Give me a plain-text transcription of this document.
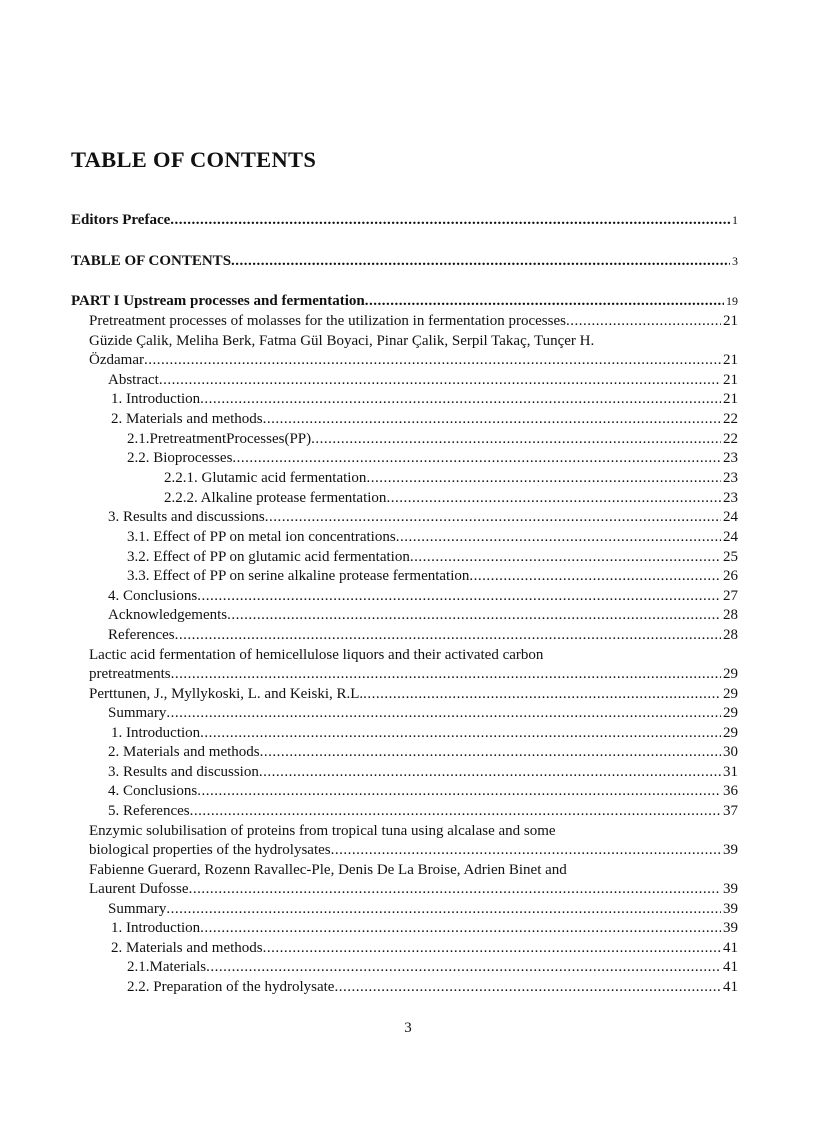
TABLE OF CONTENTS
Editors Preface .....	1
TABLE OF CONTENTS .....	3
PART I Upstream processes and fermentation .....	19
Pretreatment processes of molasses for the utilization in fermentation processes .....	21
Güzide Çalik, Meliha Berk, Fatma Gül Boyaci, Pinar Çalik, Serpil Takaç, Tunçer H.
Özdamar .....	21
Abstract .....	21
1. Introduction .....	21
2. Materials and methods .....	22
2.1.PretreatmentProcesses(PP) .....	22
2.2. Bioprocesses .....	23
2.2.1. Glutamic acid fermentation .....	23
2.2.2. Alkaline protease fermentation .....	23
3. Results and discussions .....	24
3.1. Effect of PP on metal ion concentrations .....	24
3.2. Effect of PP on glutamic acid fermentation .....	25
3.3. Effect of PP on serine alkaline protease fermentation .....	26
4. Conclusions .....	27
Acknowledgements .....	28
References .....	28
Lactic acid fermentation of hemicellulose liquors and their activated carbon
pretreatments .....	29
Perttunen, J., Myllykoski, L. and Keiski, R.L. .....	29
Summary .....	29
1. Introduction .....	29
2. Materials and methods .....	30
3. Results and discussion .....	31
4. Conclusions .....	36
5. References .....	37
Enzymic solubilisation of proteins from tropical tuna using alcalase and some
biological properties of the hydrolysates .....	39
Fabienne Guerard, Rozenn Ravallec-Ple, Denis De La Broise, Adrien Binet and
Laurent Dufosse .....	39
Summary .....	39
1. Introduction .....	39
2. Materials and methods .....	41
2.1.Materials .....	41
2.2. Preparation of the hydrolysate .....	41
3
